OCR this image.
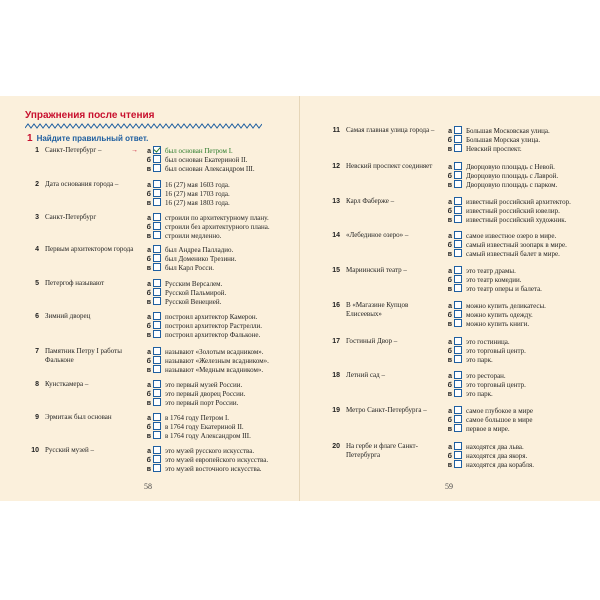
Упражнения после чтения
1 Найдите правильный ответ.
1 Санкт-Петербург –	→ а был основан Петром I.
б был основан Екатериной II.
в был основан Александром III.
2 Дата основания города –	а 16 (27) мая 1603 года.
б 16 (27) мая 1703 года.
в 16 (27) мая 1803 года.
3 Санкт-Петербург	а строили по архитектурному плану.
б строили без архитектурного плана.
в строили медленно.
4 Первым архитектором города	а был Андреа Палладио.
б был Доменико Трезини.
в был Карл Росси.
5 Петергоф называют	а Русским Версалем.
б Русской Пальмирой.
в Русской Венецией.
6 Зимний дворец	а построил архитектор Камерон.
б построил архитектор Растрелли.
в построил архитектор Фальконе.
7 Памятник Петру I работы Фальконе
а называют «Золотым всадником».
б называют «Железным всадником».
в называют «Медным всадником».
8 Кунсткамера –	а это первый музей России.
б это первый дворец России.
в это первый порт России.
9 Эрмитаж был основан	а в 1764 году Петром I.
б в 1764 году Екатериной II.
в в 1764 году Александром III.
10 Русский музей –	а это музей русского искусства.
б это музей европейского искусства.
в это музей восточного искусства.
11 Самая главная улица города –	а Большая Московская улица.
б Большая Морская улица.
в Невский проспект.
12 Невский проспект соединяет	а Дворцовую площадь с Невой.
б Дворцовую площадь с Лаврой.
в Дворцовую площадь с парком.
13 Карл Фаберже –	а известный российский архитектор.
б известный российский ювелир.
в известный российский художник.
14 «Лебединое озеро» –	а самое известное озеро в мире.
б самый известный зоопарк в мире.
в самый известный балет в мире.
15 Мариинский театр –	а это театр драмы.
б это театр комедии.
в это театр оперы и балета.
16 В «Магазине Купцов Елисеевых»
а можно купить деликатесы.
б можно купить одежду.
в можно купить книги.
17 Гостиный Двор –	а это гостиница.
б это торговый центр.
в это парк.
18 Летний сад –	а это ресторан.
б это торговый центр.
в это парк.
19 Метро Санкт-Петербурга –	а самое глубокое в мире
б самое большое в мире
в первое в мире.
20 На гербе и флаге Санкт-Петербурга
а находятся два льва.
б находятся два якоря.
в находятся два корабля.
58	59
